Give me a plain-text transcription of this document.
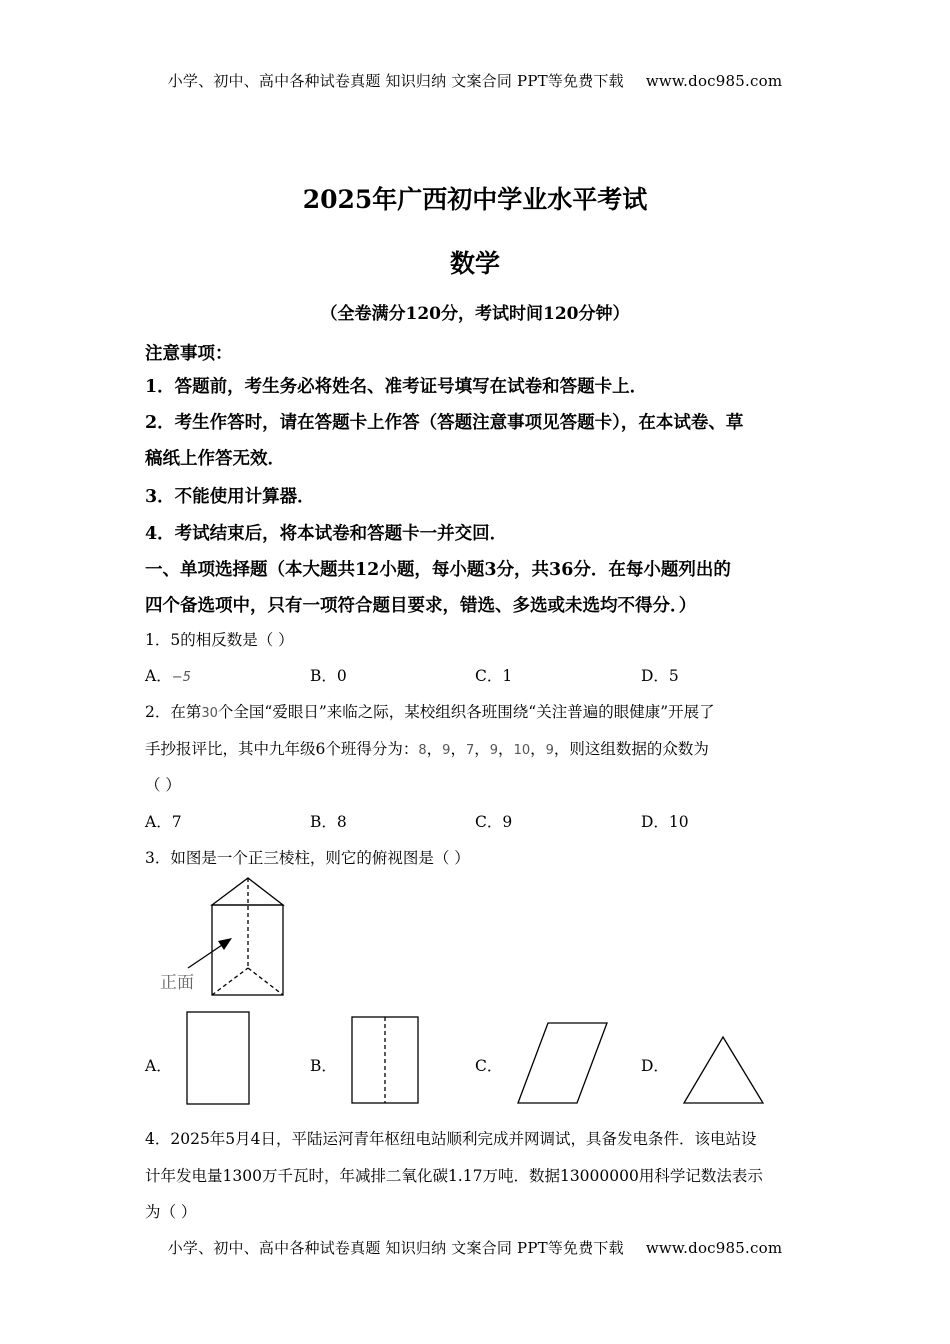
小学、初中、高中各种试卷真题 知识归纳 文案合同 PPT等免费下载 www.doc985.com
2025年广西初中学业水平考试
数学
（全卷满分120分，考试时间120分钟）
注意事项：
1．答题前，考生务必将姓名、准考证号填写在试卷和答题卡上．
2．考生作答时，请在答题卡上作答（答题注意事项见答题卡），在本试卷、草
稿纸上作答无效．
3．不能使用计算器．
4．考试结束后，将本试卷和答题卡一并交回．
一、单项选择题（本大题共12小题，每小题3分，共36分．在每小题列出的
四个备选项中，只有一项符合题目要求，错选、多选或未选均不得分．）
1．5的相反数是（ ）
A．−5	B．0	C．1	D．5
2．在第30个全国“爱眼日”来临之际，某校组织各班围绕“关注普遍的眼健康”开展了
手抄报评比，其中九年级6个班得分为：8，9，7，9，10，9，则这组数据的众数为
（ ）
A．7	B．8	C．9	D．10
3．如图是一个正三棱柱，则它的俯视图是（ ）
正面
A．	B．	C．	D．
4．2025年5月4日，平陆运河青年枢纽电站顺利完成并网调试，具备发电条件．该电站设
计年发电量1300万千瓦时，年减排二氧化碳1.17万吨．数据13000000用科学记数法表示
为（ ）
小学、初中、高中各种试卷真题 知识归纳 文案合同 PPT等免费下载 www.doc985.com
